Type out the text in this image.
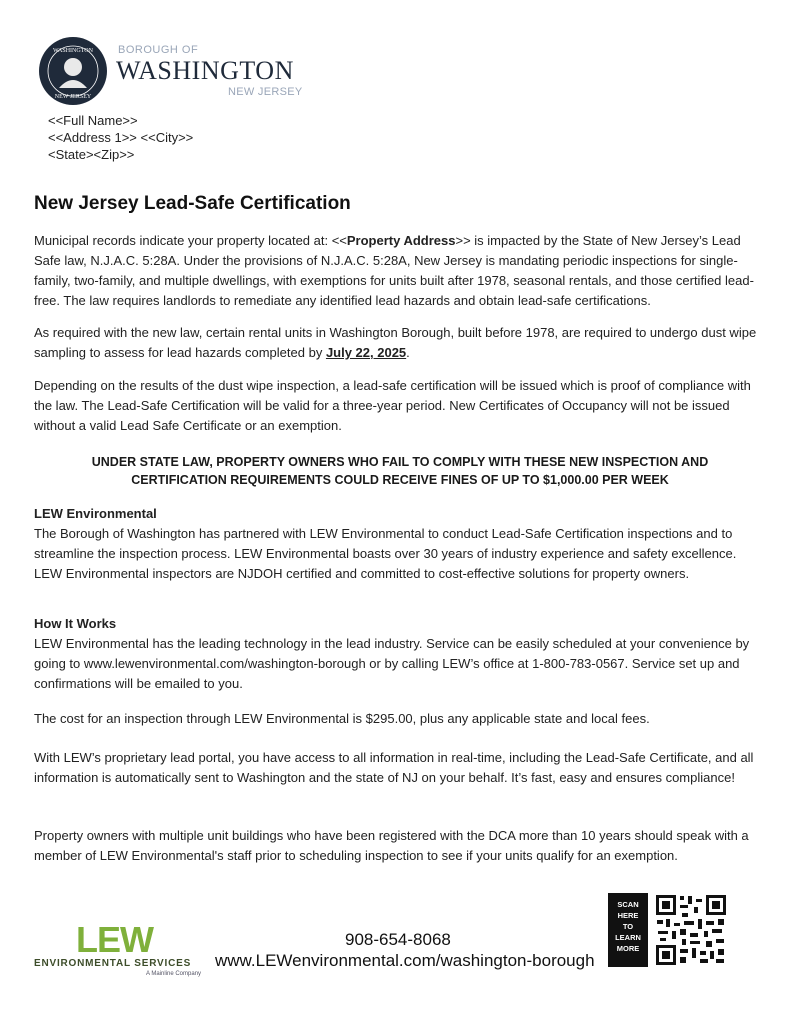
WASHINGTON
NEW JERSEY
BOROUGH OF
WASHINGTON
NEW JERSEY
<<Full Name>>
<<Address 1>> <<City>>
<State><Zip>>
New Jersey Lead-Safe Certification

Municipal records indicate your property located at: <<Property Address>> is impacted by the State of New Jersey’s Lead Safe law, N.J.A.C. 5:28A. Under the provisions of N.J.A.C. 5:28A, New Jersey is mandating periodic inspections for single-family, two-family, and multiple dwellings, with exemptions for units built after 1978, seasonal rentals, and those certified lead-free. The law requires landlords to remediate any identified lead hazards and obtain lead-safe certifications.

As required with the new law, certain rental units in Washington Borough, built before 1978, are required to undergo dust wipe sampling to assess for lead hazards completed by July 22, 2025.

Depending on the results of the dust wipe inspection, a lead-safe certification will be issued which is proof of compliance with the law. The Lead-Safe Certification will be valid for a three-year period. New Certificates of Occupancy will not be issued without a valid Lead Safe Certificate or an exemption.

UNDER STATE LAW, PROPERTY OWNERS WHO FAIL TO COMPLY WITH THESE NEW INSPECTION AND CERTIFICATION REQUIREMENTS COULD RECEIVE FINES OF UP TO $1,000.00 PER WEEK

LEW Environmental
The Borough of Washington has partnered with LEW Environmental to conduct Lead-Safe Certification inspections and to streamline the inspection process. LEW Environmental boasts over 30 years of industry experience and safety excellence. LEW Environmental inspectors are NJDOH certified and committed to cost-effective solutions for property owners.
How It Works
LEW Environmental has the leading technology in the lead industry. Service can be easily scheduled at your convenience by going to www.lewenvironmental.com/washington-borough or by calling LEW’s office at 1-800-783-0567. Service set up and confirmations will be emailed to you.

The cost for an inspection through LEW Environmental is $295.00, plus any applicable state and local fees.

With LEW’s proprietary lead portal, you have access to all information in real-time, including the Lead-Safe Certificate, and all information is automatically sent to Washington and the state of NJ on your behalf. It’s fast, easy and ensures compliance!

Property owners with multiple unit buildings who have been registered with the DCA more than 10 years should speak with a member of LEW Environmental's staff prior to scheduling inspection to see if your units qualify for an exemption.

LEW
ENVIRONMENTAL SERVICES
A Mainline Company
908-654-8068
www.LEWenvironmental.com/washington-borough
SCAN
HERE
TO
LEARN
MORE
